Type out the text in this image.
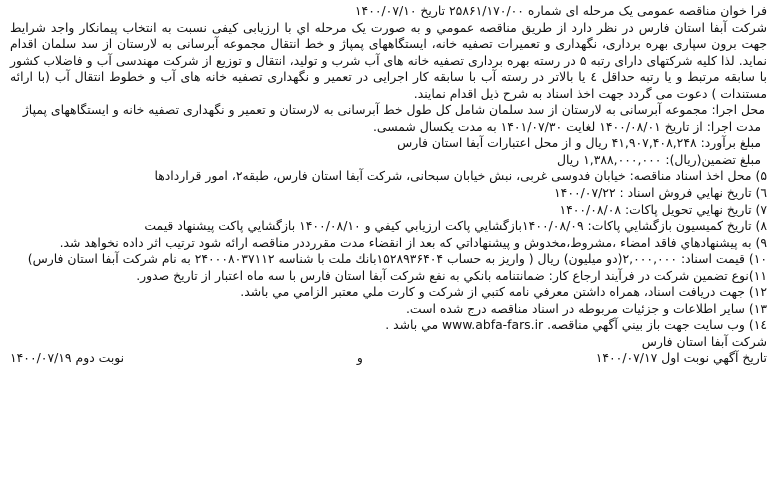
فرا خوان مناقصه عمومی یک مرحله ای شماره ۲۵۸۶۱/۱۷۰/۰۰ تاریخ ۱۴۰۰/۰۷/۱۰
شرکت آبفا استان فارس در نظر دارد از طریق مناقصه عمومي و به صورت یک مرحله اي با ارزیابی کیفی نسبت به انتخاب پیمانکار واجد شرایط جهت برون سپاری بهره برداری، نگهداری و تعمیرات تصفیه خانه، ایستگاههای پمپاژ و خط انتقال مجموعه آبرسانی به لارستان از سد سلمان اقدام نماید. لذا کلیه شرکتهای دارای رتبه ۵ در رسته بهره برداری تصفیه خانه های آب شرب و تولید، انتقال و توزیع از شرکت مهندسی آب و فاضلاب کشور با سابقه مرتبط و یا رتبه حداقل ٤ یا بالاتر در رسته آب با سابقه کار اجرایی در تعمیر و نگهداری تصفیه خانه های آب و خطوط انتقال آب (با ارائه مستندات ) دعوت می گردد جهت اخذ اسناد به شرح ذیل اقدام نمایند.
محل اجرا: مجموعه آبرسانی به لارستان از سد سلمان شامل کل طول خط آبرسانی به لارستان و تعمیر و نگهداری تصفیه خانه و ایستگاههای پمپاژ
مدت اجرا: از تاریخ ۱۴۰۰/۰۸/۰۱ لغایت ۱۴۰۱/۰۷/۳۰ به مدت یکسال شمسی.
مبلغ برآورد: ۴۱,۹۰۷,۴۰۸,۲۴۸ ریال و از محل اعتبارات آبفا استان فارس
مبلغ تضمین(ریال): ۱,۳۸۸,۰۰۰,۰۰۰ ریال
۵) محل اخذ اسناد مناقصه: خيابان فدوسی غربی، نبش خيابان سبحانی، شركت آبفا استان فارس، طبقه۲، امور قراردادها
٦) تاريخ نهايي فروش اسناد : ۱۴۰۰/۰۷/۲۲
۷) تاريخ نهايي تحويل پاكات: ۱۴۰۰/۰۸/۰۸
۸) تاريخ كميسيون بازگشايي پاكات: ۱۴۰۰/۰۸/۰۹بازگشايي پاكت ارزيابي كيفي و ۱۴۰۰/۰۸/۱۰ بازگشايي پاكت پيشنهاد قيمت
۹) به پيشنهادهاي فاقد امضاء ،مشروط،مخدوش و پيشنهاداتي كه بعد از انقضاء مدت مقررددر مناقصه ارائه شود ترتيب اثر داده نخواهد شد.
۱۰) قيمت اسناد: ۲,۰۰۰,۰۰۰(دو ميليون) ريال ( واريز به حساب ۱۵۲۸۹۳۶۴۰۴بانك ملت با شناسه ۲۴۰۰۰۸۰۳۷۱۱۲ به نام شركت آبفا استان فارس)
۱۱)نوع تضمين شركت در فرآيند ارجاع كار: ضمانتنامه بانكي به نفع شركت آبفا استان فارس با سه ماه اعتبار از تاريخ صدور.
۱۲) جهت دريافت اسناد، همراه داشتن معرفي نامه كتبي از شركت و كارت ملي معتبر الزامي مي باشد.
۱۳) ساير اطلاعات و جزئيات مربوطه در اسناد مناقصه درج شده است.
۱٤) وب سايت جهت باز بيني آگهي مناقصه. www.abfa-fars.ir مي باشد .
شركت آبفا استان فارس
تاريخ آگهي نوبت اول ۱۴۰۰/۰۷/۱۷
و
نوبت دوم ۱۴۰۰/۰۷/۱۹
